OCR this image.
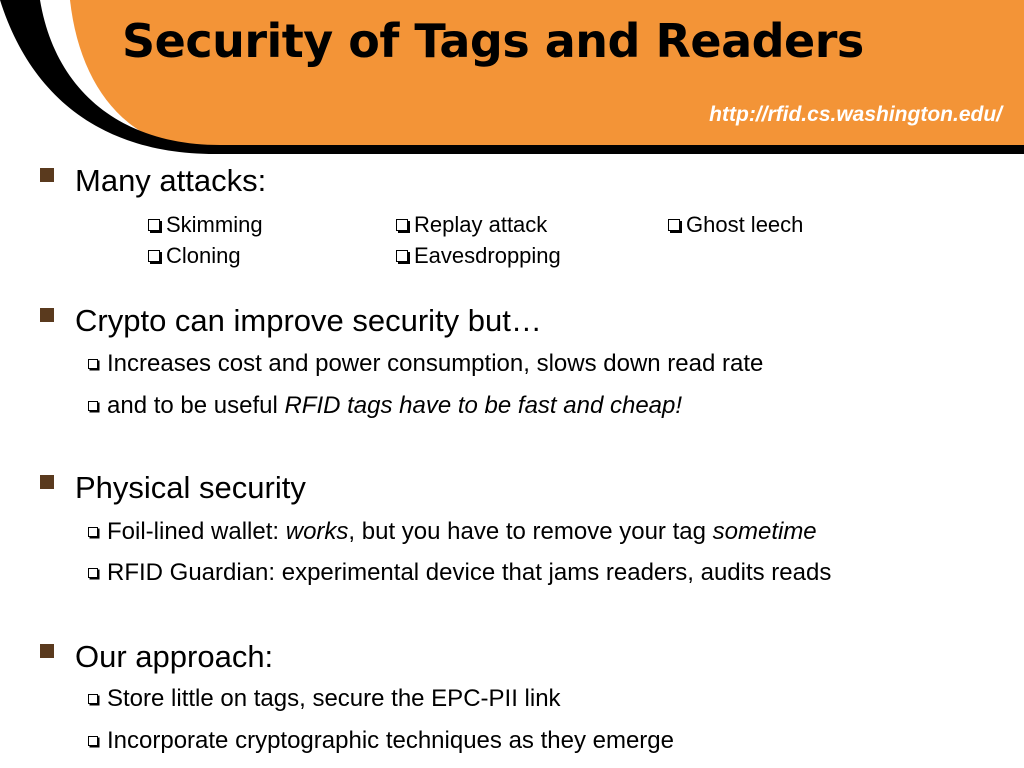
Security of Tags and Readers
http://rfid.cs.washington.edu/
Many attacks:
Skimming	Replay attack	Ghost leech
Cloning	Eavesdropping
Crypto can improve security but…
Increases cost and power consumption, slows down read rate
and to be useful RFID tags have to be fast and cheap!
Physical security
Foil-lined wallet: works, but you have to remove your tag sometime
RFID Guardian: experimental device that jams readers, audits reads
Our approach:
Store little on tags, secure the EPC-PII link
Incorporate cryptographic techniques as they emerge
